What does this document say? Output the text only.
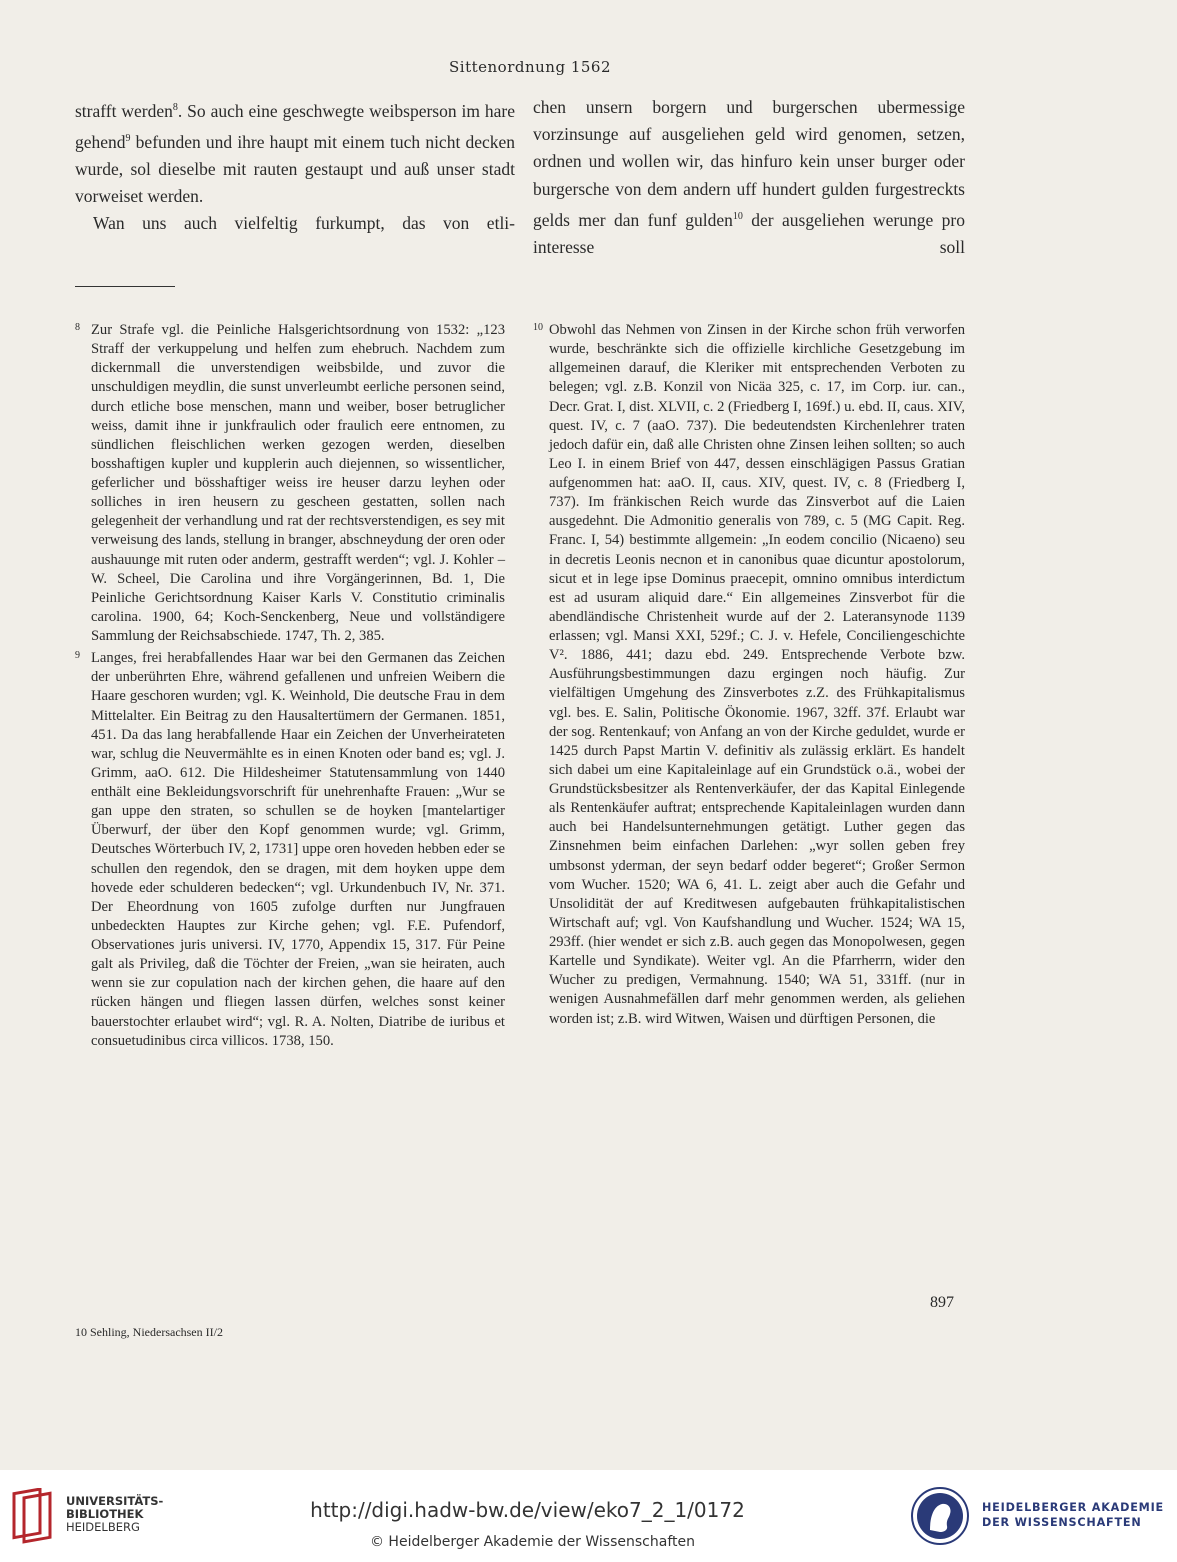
Sittenordnung 1562

strafft werden$^8$. So auch eine geschwegte weibsperson im hare gehend$^9$ befunden und ihre haupt mit einem tuch nicht decken wurde, sol dieselbe mit rauten gestaupt und auß unser stadt vorweiset werden.

Wan uns auch vielfeltig furkumpt, das von etli-

chen unsern borgern und burgerschen ubermessige vorzinsunge auf ausgeliehen geld wird genomen, setzen, ordnen und wollen wir, das hinfuro kein unser burger oder burgersche von dem andern uff hundert gulden furgestreckts gelds mer dan funf gulden$^{10}$ der ausgeliehen werunge pro interesse soll

8 Zur Strafe vgl. die Peinliche Halsgerichtsordnung von 1532: „123 Straff der verkuppelung und helfen zum ehebruch. Nachdem zum dickernmall die unverstendigen weibsbilde, und zuvor die unschuldigen meydlin, die sunst unverleumbt eerliche personen seind, durch etliche bose menschen, mann und weiber, boser betruglicher weiss, damit ihne ir junkfraulich oder fraulich eere entnomen, zu sündlichen fleischlichen werken gezogen werden, dieselben bosshaftigen kupler und kupplerin auch diejennen, so wissentlicher, geferlicher und bösshaftiger weiss ire heuser darzu leyhen oder solliches in iren heusern zu gescheen gestatten, sollen nach gelegenheit der verhandlung und rat der rechtsverstendigen, es sey mit verweisung des lands, stellung in branger, abschneydung der oren oder aushauunge mit ruten oder anderm, gestrafft werden“; vgl. J. Kohler – W. Scheel, Die Carolina und ihre Vorgängerinnen, Bd. 1, Die Peinliche Gerichtsordnung Kaiser Karls V. Constitutio criminalis carolina. 1900, 64; Koch-Senckenberg, Neue und vollständigere Sammlung der Reichsabschiede. 1747, Th. 2, 385.

9 Langes, frei herabfallendes Haar war bei den Germanen das Zeichen der unberührten Ehre, während gefallenen und unfreien Weibern die Haare geschoren wurden; vgl. K. Weinhold, Die deutsche Frau in dem Mittelalter. Ein Beitrag zu den Hausaltertümern der Germanen. 1851, 451. Da das lang herabfallende Haar ein Zeichen der Unverheirateten war, schlug die Neuvermählte es in einen Knoten oder band es; vgl. J. Grimm, aaO. 612. Die Hildesheimer Statutensammlung von 1440 enthält eine Bekleidungsvorschrift für unehrenhafte Frauen: „Wur se gan uppe den straten, so schullen se de hoyken [mantelartiger Überwurf, der über den Kopf genommen wurde; vgl. Grimm, Deutsches Wörterbuch IV, 2, 1731] uppe oren hoveden hebben eder se schullen den regendok, den se dragen, mit dem hoyken uppe dem hovede eder schulderen bedecken“; vgl. Urkundenbuch IV, Nr. 371. Der Eheordnung von 1605 zufolge durften nur Jungfrauen unbedeckten Hauptes zur Kirche gehen; vgl. F.E. Pufendorf, Observationes juris universi. IV, 1770, Appendix 15, 317. Für Peine galt als Privileg, daß die Töchter der Freien, „wan sie heiraten, auch wenn sie zur copulation nach der kirchen gehen, die haare auf den rücken hängen und fliegen lassen dürfen, welches sonst keiner bauerstochter erlaubet wird“; vgl. R. A. Nolten, Diatribe de iuribus et consuetudinibus circa villicos. 1738, 150.

10 Obwohl das Nehmen von Zinsen in der Kirche schon früh verworfen wurde, beschränkte sich die offizielle kirchliche Gesetzgebung im allgemeinen darauf, die Kleriker mit entsprechenden Verboten zu belegen; vgl. z.B. Konzil von Nicäa 325, c. 17, im Corp. iur. can., Decr. Grat. I, dist. XLVII, c. 2 (Friedberg I, 169f.) u. ebd. II, caus. XIV, quest. IV, c. 7 (aaO. 737). Die bedeutendsten Kirchenlehrer traten jedoch dafür ein, daß alle Christen ohne Zinsen leihen sollten; so auch Leo I. in einem Brief von 447, dessen einschlägigen Passus Gratian aufgenommen hat: aaO. II, caus. XIV, quest. IV, c. 8 (Friedberg I, 737). Im fränkischen Reich wurde das Zinsverbot auf die Laien ausgedehnt. Die Admonitio generalis von 789, c. 5 (MG Capit. Reg. Franc. I, 54) bestimmte allgemein: „In eodem concilio (Nicaeno) seu in decretis Leonis necnon et in canonibus quae dicuntur apostolorum, sicut et in lege ipse Dominus praecepit, omnino omnibus interdictum est ad usuram aliquid dare.“ Ein allgemeines Zinsverbot für die abendländische Christenheit wurde auf der 2. Lateransynode 1139 erlassen; vgl. Mansi XXI, 529f.; C. J. v. Hefele, Conciliengeschichte V². 1886, 441; dazu ebd. 249. Entsprechende Verbote bzw. Ausführungsbestimmungen dazu ergingen noch häufig. Zur vielfältigen Umgehung des Zinsverbotes z.Z. des Frühkapitalismus vgl. bes. E. Salin, Politische Ökonomie. 1967, 32ff. 37f. Erlaubt war der sog. Rentenkauf; von Anfang an von der Kirche geduldet, wurde er 1425 durch Papst Martin V. definitiv als zulässig erklärt. Es handelt sich dabei um eine Kapitaleinlage auf ein Grundstück o.ä., wobei der Grundstücksbesitzer als Rentenverkäufer, der das Kapital Einlegende als Rentenkäufer auftrat; entsprechende Kapitaleinlagen wurden dann auch bei Handelsunternehmungen getätigt. Luther gegen das Zinsnehmen beim einfachen Darlehen: „wyr sollen geben frey umbsonst yderman, der seyn bedarf odder begeret“; Großer Sermon vom Wucher. 1520; WA 6, 41. L. zeigt aber auch die Gefahr und Unsolidität der auf Kreditwesen aufgebauten frühkapitalistischen Wirtschaft auf; vgl. Von Kaufshandlung und Wucher. 1524; WA 15, 293ff. (hier wendet er sich z.B. auch gegen das Monopolwesen, gegen Kartelle und Syndikate). Weiter vgl. An die Pfarrherrn, wider den Wucher zu predigen, Vermahnung. 1540; WA 51, 331ff. (nur in wenigen Ausnahmefällen darf mehr genommen werden, als geliehen worden ist; z.B. wird Witwen, Waisen und dürftigen Personen, die

897
10 Sehling, Niedersachsen II/2
UNIVERSITÄTS-
BIBLIOTHEK
HEIDELBERG
http://digi.hadw-bw.de/view/eko7_2_1/0172
© Heidelberger Akademie der Wissenschaften
HEIDELBERGER AKADEMIE
DER WISSENSCHAFTEN
